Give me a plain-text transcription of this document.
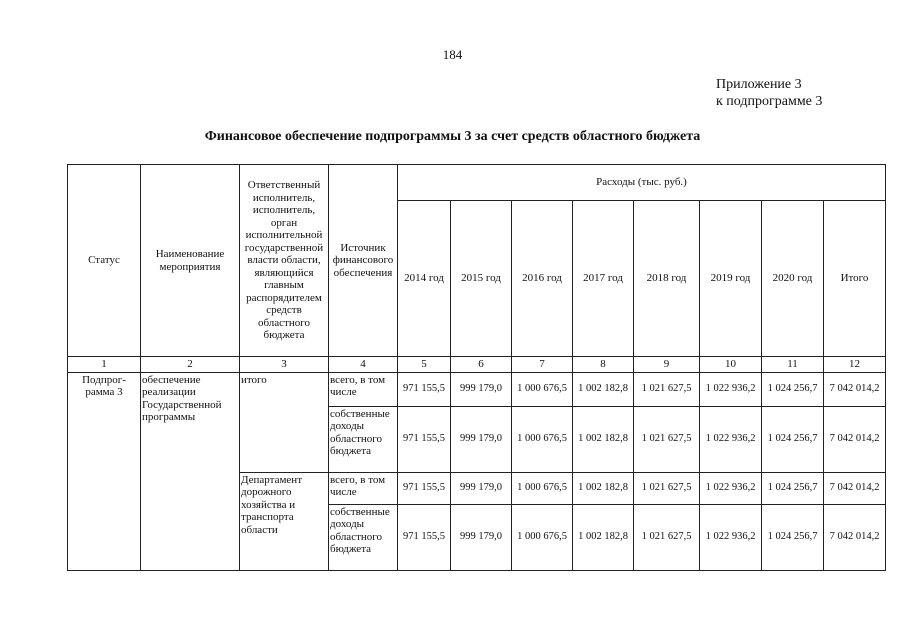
184
Приложение 3
к подпрограмме 3
Финансовое обеспечение подпрограммы 3 за счет средств областного бюджета
Статус	Наименование мероприятия	Ответственный исполнитель, исполнитель, орган исполнительной государственной власти области, являющийся главным распорядителем средств областного бюджета	Источник финансового обеспечения	Расходы (тыс. руб.)							
				2014 год	2015 год	2016 год	2017 год	2018 год	2019 год	2020 год	Итого
1	2	3	4	5	6	7	8	9	10	11	12
Подпрог-рамма 3	обеспечение реализации Государственной программы	итого	всего, в том числе	971 155,5	999 179,0	1 000 676,5	1 002 182,8	1 021 627,5	1 022 936,2	1 024 256,7	7 042 014,2
			собственные доходы областного бюджета	971 155,5	999 179,0	1 000 676,5	1 002 182,8	1 021 627,5	1 022 936,2	1 024 256,7	7 042 014,2
		Департамент дорожного хозяйства и транспорта области	всего, в том числе	971 155,5	999 179,0	1 000 676,5	1 002 182,8	1 021 627,5	1 022 936,2	1 024 256,7	7 042 014,2
			собственные доходы областного бюджета	971 155,5	999 179,0	1 000 676,5	1 002 182,8	1 021 627,5	1 022 936,2	1 024 256,7	7 042 014,2
